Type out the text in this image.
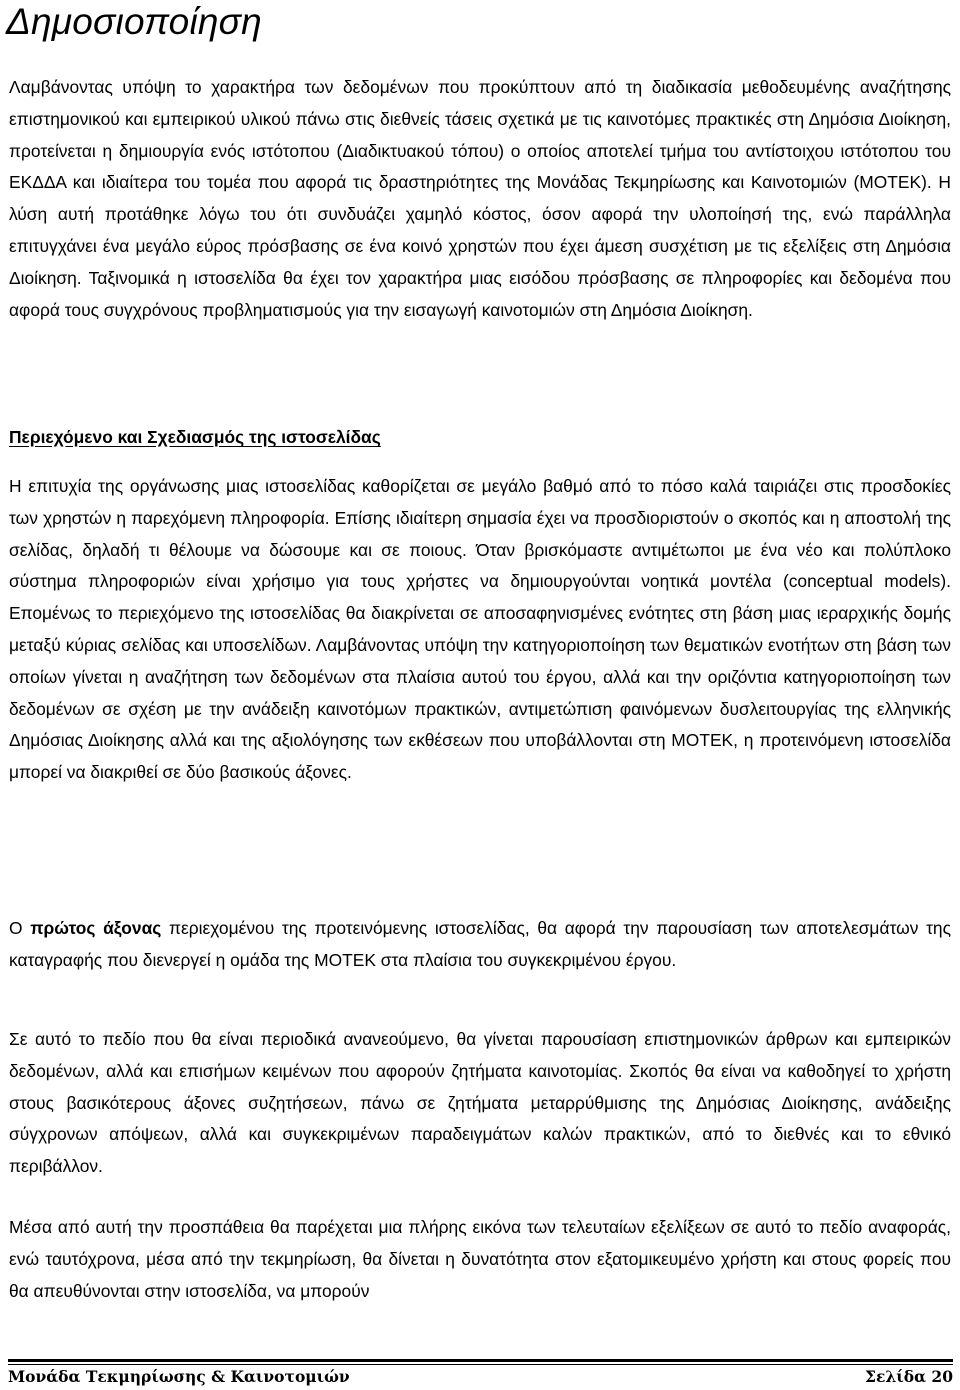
Δημοσιοποίηση

Λαμβάνοντας υπόψη το χαρακτήρα των δεδομένων που προκύπτουν από τη διαδικασία μεθοδευμένης αναζήτησης επιστημονικού και εμπειρικού υλικού πάνω στις διεθνείς τάσεις σχετικά με τις καινοτόμες πρακτικές στη Δημόσια Διοίκηση, προτείνεται η δημιουργία ενός ιστότοπου (Διαδικτυακού τόπου) ο οποίος αποτελεί τμήμα του αντίστοιχου ιστότοπου του ΕΚΔΔΑ και ιδιαίτερα του τομέα που αφορά τις δραστηριότητες της Μονάδας Τεκμηρίωσης και Καινοτομιών (ΜΟΤΕΚ). Η λύση αυτή προτάθηκε λόγω του ότι συνδυάζει χαμηλό κόστος, όσον αφορά την υλοποίησή της, ενώ παράλληλα επιτυγχάνει ένα μεγάλο εύρος πρόσβασης σε ένα κοινό χρηστών που έχει άμεση συσχέτιση με τις εξελίξεις στη Δημόσια Διοίκηση. Ταξινομικά η ιστοσελίδα θα έχει τον χαρακτήρα μιας εισόδου πρόσβασης σε πληροφορίες και δεδομένα που αφορά τους συγχρόνους προβληματισμούς για την εισαγωγή καινοτομιών στη Δημόσια Διοίκηση.

Περιεχόμενο και Σχεδιασμός της ιστοσελίδας

Η επιτυχία της οργάνωσης μιας ιστοσελίδας καθορίζεται σε μεγάλο βαθμό από το πόσο καλά ταιριάζει στις προσδοκίες των χρηστών η παρεχόμενη πληροφορία. Επίσης ιδιαίτερη σημασία έχει να προσδιοριστούν ο σκοπός και η αποστολή της σελίδας, δηλαδή τι θέλουμε να δώσουμε και σε ποιους. Όταν βρισκόμαστε αντιμέτωποι με ένα νέο και πολύπλοκο σύστημα πληροφοριών είναι χρήσιμο για τους χρήστες να δημιουργούνται νοητικά μοντέλα (conceptual models). Επομένως το περιεχόμενο της ιστοσελίδας θα διακρίνεται σε αποσαφηνισμένες ενότητες στη βάση μιας ιεραρχικής δομής μεταξύ κύριας σελίδας και υποσελίδων. Λαμβάνοντας υπόψη την κατηγοριοποίηση των θεματικών ενοτήτων στη βάση των οποίων γίνεται η αναζήτηση των δεδομένων στα πλαίσια αυτού του έργου, αλλά και την οριζόντια κατηγοριοποίηση των δεδομένων σε σχέση με την ανάδειξη καινοτόμων πρακτικών, αντιμετώπιση φαινόμενων δυσλειτουργίας της ελληνικής Δημόσιας Διοίκησης αλλά και της αξιολόγησης των εκθέσεων που υποβάλλονται στη ΜΟΤΕΚ, η προτεινόμενη ιστοσελίδα μπορεί να διακριθεί σε δύο βασικούς άξονες.

Ο πρώτος άξονας περιεχομένου της προτεινόμενης ιστοσελίδας, θα αφορά την παρουσίαση των αποτελεσμάτων της καταγραφής που διενεργεί η ομάδα της ΜΟΤΕΚ στα πλαίσια του συγκεκριμένου έργου.

Σε αυτό το πεδίο που θα είναι περιοδικά ανανεούμενο, θα γίνεται παρουσίαση επιστημονικών άρθρων και εμπειρικών δεδομένων, αλλά και επισήμων κειμένων που αφορούν ζητήματα καινοτομίας. Σκοπός θα είναι να καθοδηγεί το χρήστη στους βασικότερους άξονες συζητήσεων, πάνω σε ζητήματα μεταρρύθμισης της Δημόσιας Διοίκησης, ανάδειξης σύγχρονων απόψεων, αλλά και συγκεκριμένων παραδειγμάτων καλών πρακτικών, από το διεθνές και το εθνικό περιβάλλον.

Μέσα από αυτή την προσπάθεια θα παρέχεται μια πλήρης εικόνα των τελευταίων εξελίξεων σε αυτό το πεδίο αναφοράς, ενώ ταυτόχρονα, μέσα από την τεκμηρίωση, θα δίνεται η δυνατότητα στον εξατομικευμένο χρήστη και στους φορείς που θα απευθύνονται στην ιστοσελίδα, να μπορούν

Μονάδα Τεκμηρίωσης & Καινοτομιών	Σελίδα 20
